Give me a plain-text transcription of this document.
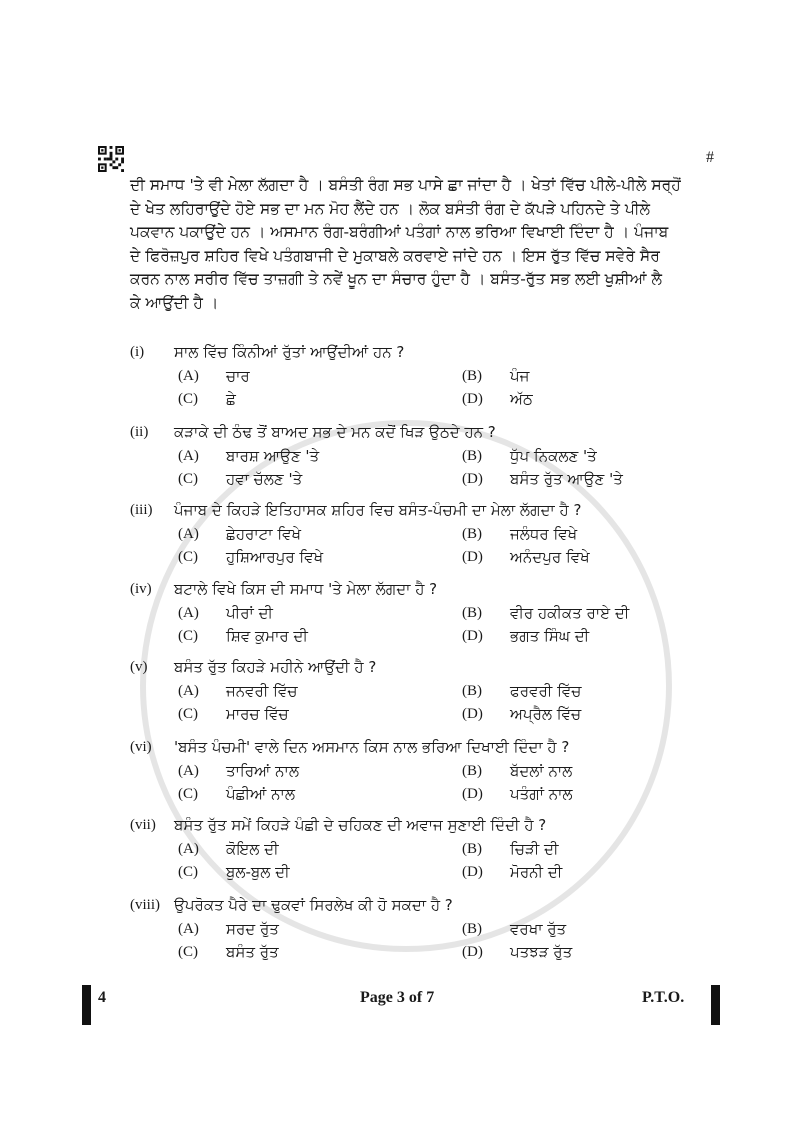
#
ਦੀ ਸਮਾਧ 'ਤੇ ਵੀ ਮੇਲਾ ਲੱਗਦਾ ਹੈ । ਬਸੰਤੀ ਰੰਗ ਸਭ ਪਾਸੇ ਛਾ ਜਾਂਦਾ ਹੈ । ਖੇਤਾਂ ਵਿੱਚ ਪੀਲੇ-ਪੀਲੇ ਸਰ੍ਹੋਂ
ਦੇ ਖੇਤ ਲਹਿਰਾਉਂਦੇ ਹੋਏ ਸਭ ਦਾ ਮਨ ਮੋਹ ਲੈਂਦੇ ਹਨ । ਲੋਕ ਬਸੰਤੀ ਰੰਗ ਦੇ ਕੱਪੜੇ ਪਹਿਨਦੇ ਤੇ ਪੀਲੇ
ਪਕਵਾਨ ਪਕਾਉਂਦੇ ਹਨ । ਅਸਮਾਨ ਰੰਗ-ਬਰੰਗੀਆਂ ਪਤੰਗਾਂ ਨਾਲ ਭਰਿਆ ਵਿਖਾਈ ਦਿੰਦਾ ਹੈ । ਪੰਜਾਬ
ਦੇ ਫਿਰੋਜ਼ਪੁਰ ਸ਼ਹਿਰ ਵਿਖੇ ਪਤੰਗਬਾਜੀ ਦੇ ਮੁਕਾਬਲੇ ਕਰਵਾਏ ਜਾਂਦੇ ਹਨ । ਇਸ ਰੁੱਤ ਵਿੱਚ ਸਵੇਰੇ ਸੈਰ
ਕਰਨ ਨਾਲ ਸਰੀਰ ਵਿੱਚ ਤਾਜ਼ਗੀ ਤੇ ਨਵੇਂ ਖੂਨ ਦਾ ਸੰਚਾਰ ਹੁੰਦਾ ਹੈ । ਬਸੰਤ-ਰੁੱਤ ਸਭ ਲਈ ਖੁਸ਼ੀਆਂ ਲੈ
ਕੇ ਆਉਂਦੀ ਹੈ ।
(i) ਸਾਲ ਵਿੱਚ ਕਿੰਨੀਆਂ ਰੁੱਤਾਂ ਆਉਂਦੀਆਂ ਹਨ ?
(A) ਚਾਰ	(B) ਪੰਜ
(C) ਛੇ	(D) ਅੱਠ
(ii) ਕੜਾਕੇ ਦੀ ਠੰਢ ਤੋਂ ਬਾਅਦ ਸਭ ਦੇ ਮਨ ਕਦੋਂ ਖਿੜ ਉਠਦੇ ਹਨ ?
(A) ਬਾਰਸ਼ ਆਉਣ 'ਤੇ	(B) ਧੁੱਪ ਨਿਕਲਣ 'ਤੇ
(C) ਹਵਾ ਚੱਲਣ 'ਤੇ	(D) ਬਸੰਤ ਰੁੱਤ ਆਉਣ 'ਤੇ
(iii) ਪੰਜਾਬ ਦੇ ਕਿਹੜੇ ਇਤਿਹਾਸਕ ਸ਼ਹਿਰ ਵਿਚ ਬਸੰਤ-ਪੰਚਮੀ ਦਾ ਮੇਲਾ ਲੱਗਦਾ ਹੈ ?
(A) ਛੇਹਰਾਟਾ ਵਿਖੇ	(B) ਜਲੰਧਰ ਵਿਖੇ
(C) ਹੁਸ਼ਿਆਰਪੁਰ ਵਿਖੇ	(D) ਅਨੰਦਪੁਰ ਵਿਖੇ
(iv) ਬਟਾਲੇ ਵਿਖੇ ਕਿਸ ਦੀ ਸਮਾਧ 'ਤੇ ਮੇਲਾ ਲੱਗਦਾ ਹੈ ?
(A) ਪੀਰਾਂ ਦੀ	(B) ਵੀਰ ਹਕੀਕਤ ਰਾਏ ਦੀ
(C) ਸ਼ਿਵ ਕੁਮਾਰ ਦੀ	(D) ਭਗਤ ਸਿੰਘ ਦੀ
(v) ਬਸੰਤ ਰੁੱਤ ਕਿਹੜੇ ਮਹੀਨੇ ਆਉਂਦੀ ਹੈ ?
(A) ਜਨਵਰੀ ਵਿੱਚ	(B) ਫਰਵਰੀ ਵਿੱਚ
(C) ਮਾਰਚ ਵਿੱਚ	(D) ਅਪ੍ਰੈਲ ਵਿੱਚ
(vi) 'ਬਸੰਤ ਪੰਚਮੀ' ਵਾਲੇ ਦਿਨ ਅਸਮਾਨ ਕਿਸ ਨਾਲ ਭਰਿਆ ਦਿਖਾਈ ਦਿੰਦਾ ਹੈ ?
(A) ਤਾਰਿਆਂ ਨਾਲ	(B) ਬੱਦਲਾਂ ਨਾਲ
(C) ਪੰਛੀਆਂ ਨਾਲ	(D) ਪਤੰਗਾਂ ਨਾਲ
(vii) ਬਸੰਤ ਰੁੱਤ ਸਮੇਂ ਕਿਹੜੇ ਪੰਛੀ ਦੇ ਚਹਿਕਣ ਦੀ ਅਵਾਜ ਸੁਣਾਈ ਦਿੰਦੀ ਹੈ ?
(A) ਕੋਇਲ ਦੀ	(B) ਚਿੜੀ ਦੀ
(C) ਬੁਲ-ਬੁਲ ਦੀ	(D) ਮੋਰਨੀ ਦੀ
(viii) ਉਪਰੋਕਤ ਪੈਰੇ ਦਾ ਢੁਕਵਾਂ ਸਿਰਲੇਖ ਕੀ ਹੋ ਸਕਦਾ ਹੈ ?
(A) ਸਰਦ ਰੁੱਤ	(B) ਵਰਖਾ ਰੁੱਤ
(C) ਬਸੰਤ ਰੁੱਤ	(D) ਪਤਝੜ ਰੁੱਤ
4	Page 3 of 7	P.T.O.
